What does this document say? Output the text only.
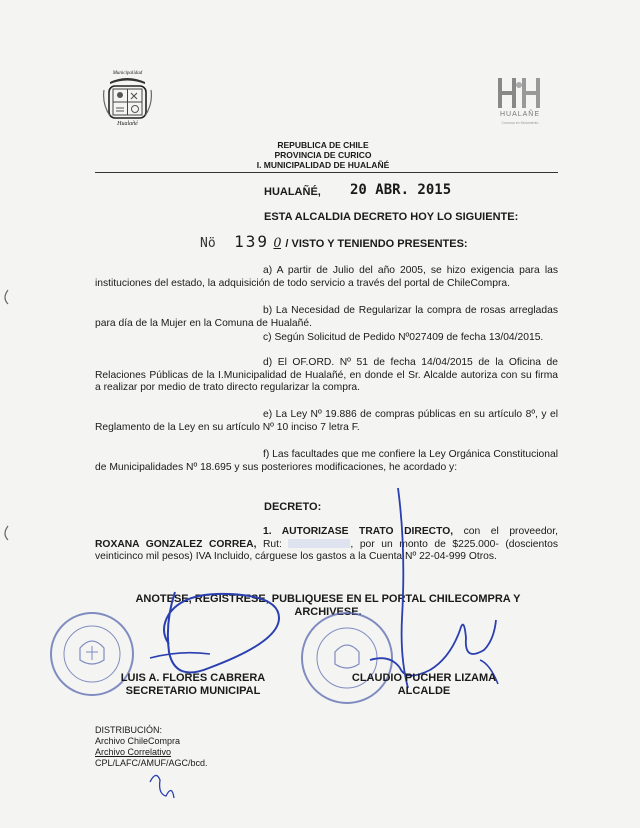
Municipalidad
Hualañé
HUALAÑE
Comuna en Movimiento
REPUBLICA DE CHILE
PROVINCIA DE CURICO
I. MUNICIPALIDAD DE HUALAÑÉ
HUALAÑÉ, 20 ABR. 2015
ESTA ALCALDIA DECRETO HOY LO SIGUIENTE:
Nö 139 0 / VISTO Y TENIENDO PRESENTES:
a) A partir de Julio del año 2005, se hizo exigencia para las instituciones del estado, la adquisición de todo servicio a través del portal de ChileCompra.
b) La Necesidad de Regularizar la compra de rosas arregladas para día de la Mujer en la Comuna de Hualañé.
c) Según Solicitud de Pedido Nº027409 de fecha 13/04/2015.
d) El OF.ORD. Nº 51 de fecha 14/04/2015 de la Oficina de Relaciones Públicas de la I.Municipalidad de Hualañé, en donde el Sr. Alcalde autoriza con su firma a realizar por medio de trato directo regularizar la compra.
e) La Ley Nº 19.886 de compras públicas en su artículo 8º, y el Reglamento de la Ley en su artículo Nº 10 inciso 7 letra F.
f) Las facultades que me confiere la Ley Orgánica Constitucional de Municipalidades Nº 18.695 y sus posteriores modificaciones, he acordado y:
DECRETO:
1. AUTORIZASE TRATO DIRECTO, con el proveedor, ROXANA GONZALEZ CORREA, Rut:	, por un monto de $225.000- (doscientos veinticinco mil pesos) IVA Incluido, cárguese los gastos a la Cuenta Nº 22-04-999 Otros.
ANOTESE, REGISTRESE, PUBLIQUESE EN EL PORTAL CHILECOMPRA Y ARCHIVESE.
LUIS A. FLORES CABRERA
SECRETARIO MUNICIPAL
CLAUDIO PUCHER LIZAMA
ALCALDE
DISTRIBUCIÓN:
Archivo ChileCompra
Archivo Correlativo
CPL/LAFC/AMUF/AGC/bcd.
